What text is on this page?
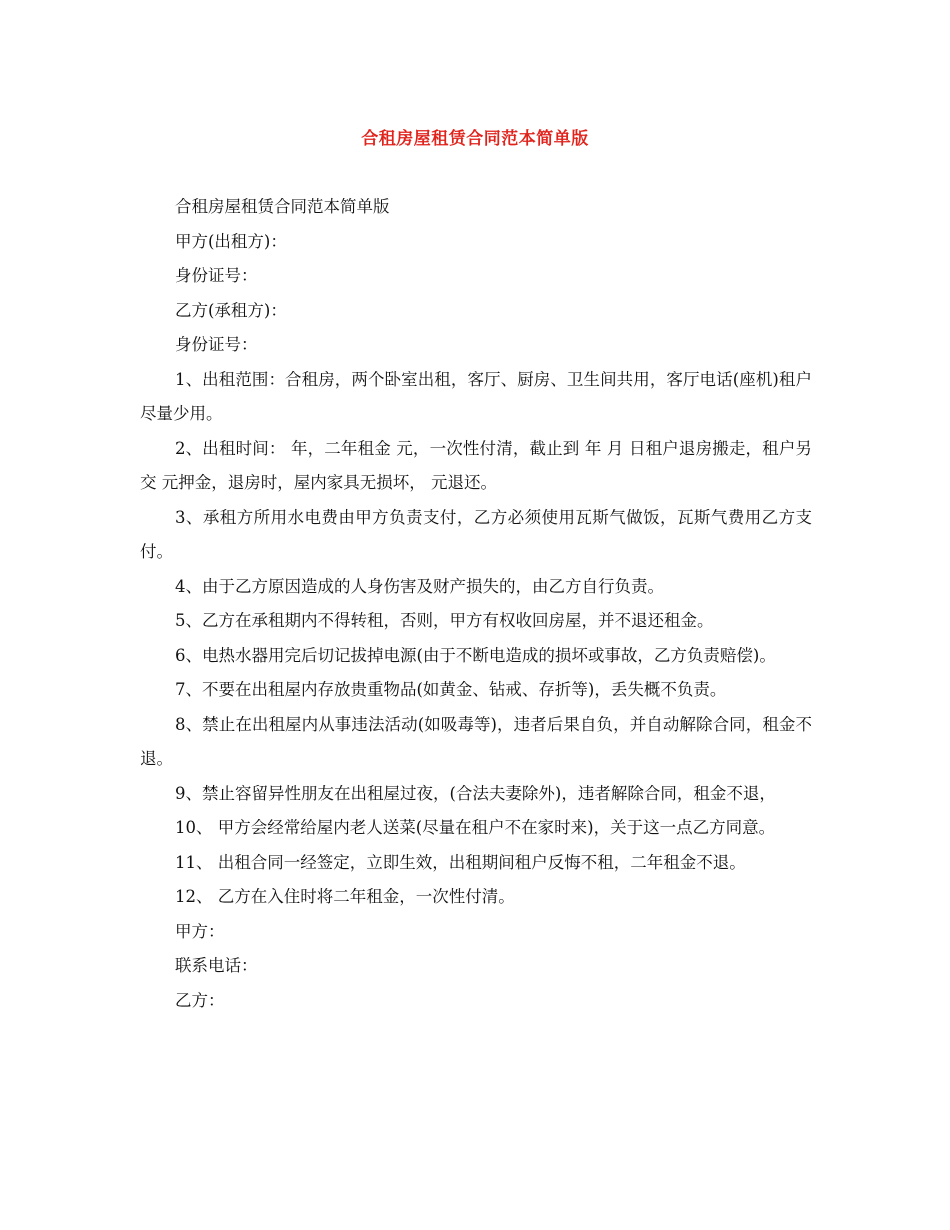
合租房屋租赁合同范本简单版
合租房屋租赁合同范本简单版
甲方(出租方)：
身份证号：
乙方(承租方)：
身份证号：
1、出租范围：合租房，两个卧室出租，客厅、厨房、卫生间共用，客厅电话(座机)租户尽量少用。
2、出租时间： 年，二年租金 元，一次性付清，截止到 年 月 日租户退房搬走，租户另交 元押金，退房时，屋内家具无损坏， 元退还。
3、承租方所用水电费由甲方负责支付，乙方必须使用瓦斯气做饭，瓦斯气费用乙方支付。
4、由于乙方原因造成的人身伤害及财产损失的，由乙方自行负责。
5、乙方在承租期内不得转租，否则，甲方有权收回房屋，并不退还租金。
6、电热水器用完后切记拔掉电源(由于不断电造成的损坏或事故，乙方负责赔偿)。
7、不要在出租屋内存放贵重物品(如黄金、钻戒、存折等)，丢失概不负责。
8、禁止在出租屋内从事违法活动(如吸毒等)，违者后果自负，并自动解除合同，租金不退。
9、禁止容留异性朋友在出租屋过夜，(合法夫妻除外)，违者解除合同，租金不退，
10、 甲方会经常给屋内老人送菜(尽量在租户不在家时来)，关于这一点乙方同意。
11、 出租合同一经签定，立即生效，出租期间租户反悔不租，二年租金不退。
12、 乙方在入住时将二年租金，一次性付清。
甲方：
联系电话：
乙方：
